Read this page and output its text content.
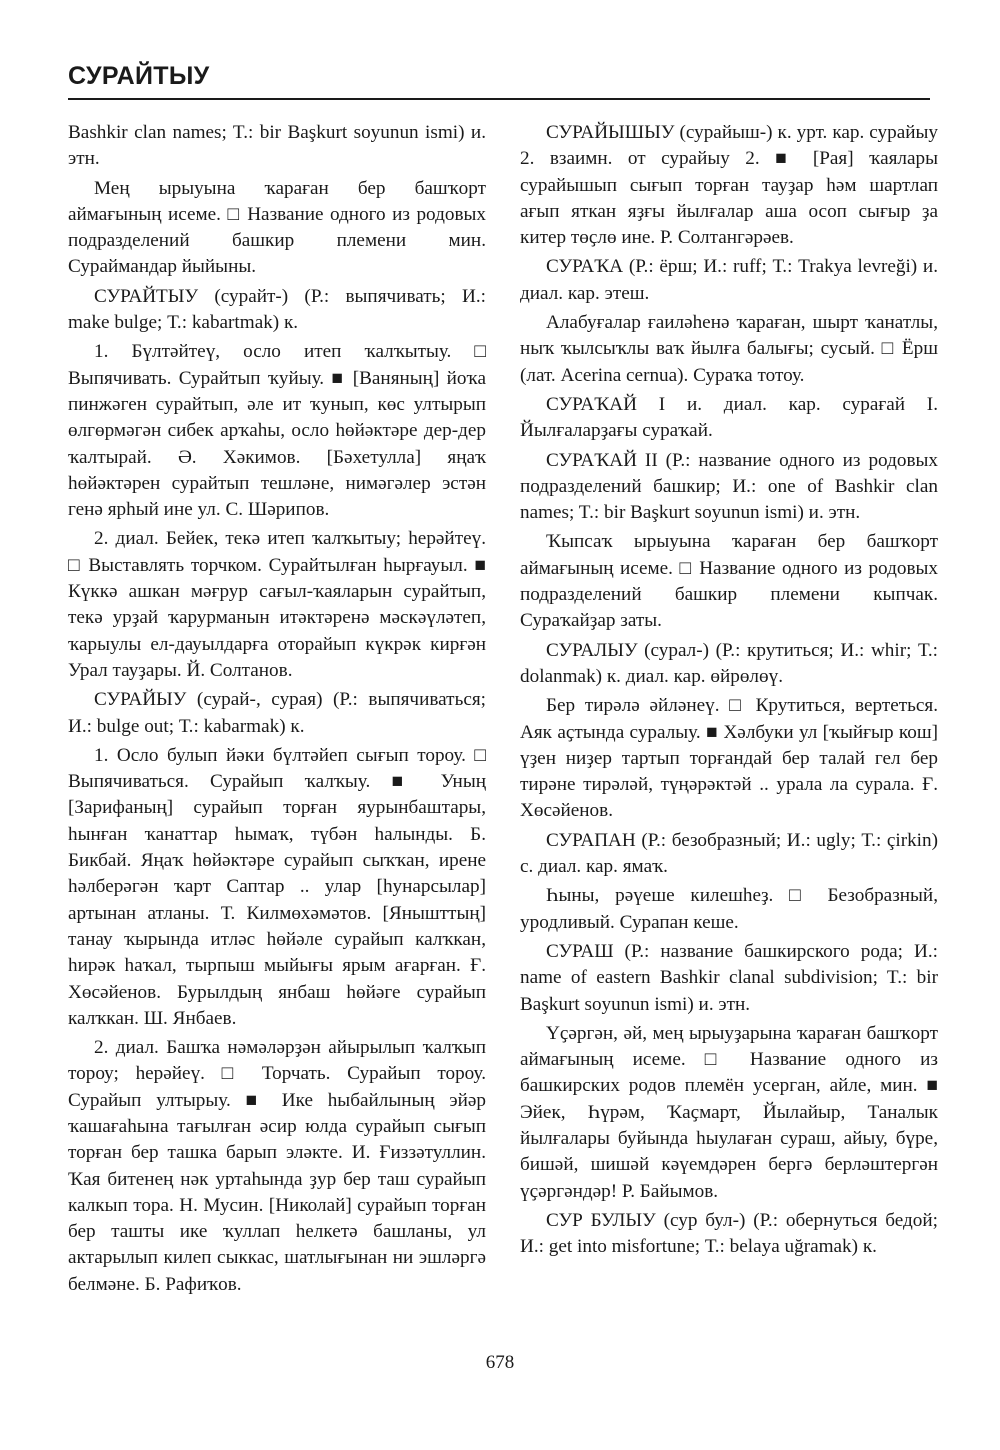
СУРАЙТЫУ

Bashkir clan names; T.: bir Başkurt soyunun ismi) и. этн.

Мең ырыуына ҡараған бер башҡорт аймағының исеме. □ Название одного из родовых подразделений башкир племени мин. Сураймандар йыйыны.

СУРАЙТЫУ (сурайт-) (Р.: выпячивать; И.: make bulge; Т.: kabartmak) к.

1. Бүлтәйтеү, осло итеп ҡалҡытыу. □ Выпячивать. Сурайтып ҡуйыу. ■ [Ваняның] йоҡа пинжәген сурайтып, әле ит ҡунып, көс ултырып өлгөрмәгән сибек арҡаһы, осло һөйәктәре дер-дер ҡалтырай. Ә. Хәкимов. [Бәхетулла] яңаҡ һөйәктәрен сурайтып тешләне, нимәгәлер эстән генә ярһый ине ул. С. Шәрипов.

2. диал. Бейек, текә итеп ҡалҡытыу; һерәйтеү. □ Выставлять торчком. Сурайтылған һырғауыл. ■ Күккә ашкан мәғрур сағыл-ҡаяларын сурайтып, текә урҙай ҡарурманын итәктәренә мәскәүләтеп, ҡарыулы ел-дауылдарға оторайып күкрәк кирғән Урал тауҙары. Й. Солтанов.

СУРАЙЫУ (сурай-, сурая) (Р.: выпячиваться; И.: bulge out; Т.: kabarmak) к.

1. Осло булып йәки бүлтәйеп сығып тороу. □ Выпячиваться. Сурайып ҡалҡыу. ■ Уның [Зарифаның] сурайып торған яурынбаштары, һынған ҡанаттар һымаҡ, түбән һалынды. Б. Бикбай. Яңаҡ һөйәктәре сурайып сыҡҡан, ирене һәлберәгән ҡарт Саптар .. улар [һунарсылар] артынан атланы. Т. Килмөхәмәтов. [Янышттың] танау ҡырында итләс һөйәле сурайып калҡкан, һирәк һаҡал, тырпыш мыйығы ярым ағарған. Ғ. Хөсәйенов. Бурылдың янбаш һөйәге сурайып калҡкан. Ш. Янбаев.

2. диал. Башҡа нәмәләрҙән айырылып ҡалҡып тороу; һерәйеү. □ Торчать. Сурайып тороу. Сурайып ултырыу. ■ Ике һыбайлының эйәр ҡашағаһына тағылған әсир юлда сурайып сығып торған бер ташка барып эләкте. И. Ғиззәтуллин. Ҡая битенең нәк уртаһында ҙур бер таш сурайып калкып тора. Н. Мусин. [Николай] сурайып торған бер ташты ике ҡуллап һелкетә башланы, ул актарылып килеп сыккас, шатлығынан ни эшләргә белмәне. Б. Рафиҡов.

СУРАЙЫШЫУ (сурайыш-) к. урт. кар. сурайыу 2. взаимн. от сурайыу 2. ■ [Рая] ҡаялары сурайышып сығып торған тауҙар һәм шартлап ағып яткан яҙғы йылғалар аша осоп сығыр ҙа китер төҫлө ине. Р. Солтангәрәев.

СУРАҠА (Р.: ёрш; И.: ruff; Т.: Trakya levreği) и. диал. кар. этеш.

Алабуғалар ғаиләһенә ҡараған, шырт ҡанатлы, ныҡ ҡылсыҡлы ваҡ йылға балығы; сусый. □ Ёрш (лат. Acerina cernua). Сураҡа тотоу.

СУРАҠАЙ I и. диал. кар. сурағай I. Йылғаларҙағы сураҡай.

СУРАҠАЙ II (Р.: название одного из родовых подразделений башкир; И.: one of Bashkir clan names; T.: bir Başkurt soyunun ismi) и. этн.

Ҡыпсаҡ ырыуына ҡараған бер башҡорт аймағының исеме. □ Название одного из родовых подразделений башкир племени кыпчак. Сураҡайҙар заты.

СУРАЛЫУ (сурал-) (Р.: крутиться; И.: whir; Т.: dolanmak) к. диал. кар. өйрөлөү.

Бер тирәлә әйләнеү. □ Крутиться, вертеться. Аяк аҫтында суралыу. ■ Хәлбуки ул [ҡыйғыр кош] үҙен ниҙер тартып торғандай бер талай гел бер тирәне тирәләй, түңәрәктәй .. урала ла сурала. Ғ. Хөсәйенов.

СУРАПАН (Р.: безобразный; И.: ugly; Т.: çirkin) с. диал. кар. ямаҡ.

Һыны, рәүеше килешһеҙ. □ Безобразный, уродливый. Сурапан кеше.

СУРАШ (Р.: название башкирского рода; И.: name of eastern Bashkir clanal subdivision; T.: bir Başkurt soyunun ismi) и. этн.

Үҫәргән, әй, мең ырыуҙарына ҡараған башҡорт аймағының исеме. □ Название одного из башкирских родов племён усерган, айле, мин. ■ Эйек, Һүрәм, Ҡаҫмарт, Йылайыр, Таналык йылғалары буйында һыулаған сураш, айыу, бүре, бишәй, шишәй кәүемдәрен бергә берләштергән үҫәргәндәр! Р. Байымов.

СУР БУЛЫУ (сур бул-) (Р.: обернуться бедой; И.: get into misfortune; Т.: belaya uğramak) к.

678
